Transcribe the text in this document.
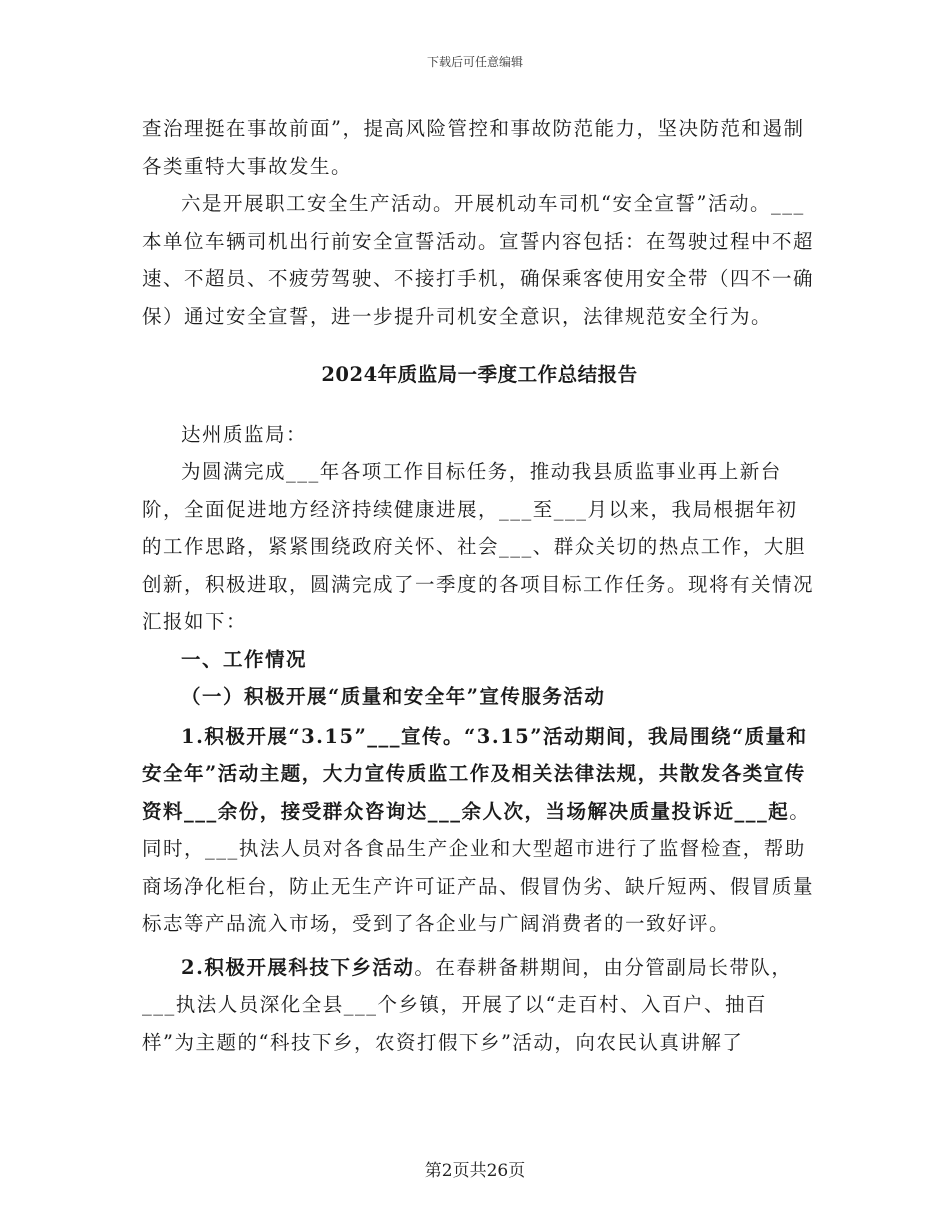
下载后可任意编辑

查治理挺在事故前面”，提高风险管控和事故防范能力，坚决防范和遏制各类重特大事故发生。

六是开展职工安全生产活动。开展机动车司机“安全宣誓”活动。___本单位车辆司机出行前安全宣誓活动。宣誓内容包括：在驾驶过程中不超速、不超员、不疲劳驾驶、不接打手机，确保乘客使用安全带（四不一确保）通过安全宣誓，进一步提升司机安全意识，法律规范安全行为。

2024年质监局一季度工作总结报告

达州质监局：

为圆满完成___年各项工作目标任务，推动我县质监事业再上新台阶，全面促进地方经济持续健康进展，___至___月以来，我局根据年初的工作思路，紧紧围绕政府关怀、社会___、群众关切的热点工作，大胆创新，积极进取，圆满完成了一季度的各项目标工作任务。现将有关情况汇报如下：

一、工作情况

（一）积极开展“质量和安全年”宣传服务活动

1.积极开展“3.15”___宣传。“3.15”活动期间，我局围绕“质量和安全年”活动主题，大力宣传质监工作及相关法律法规，共散发各类宣传资料___余份，接受群众咨询达___余人次，当场解决质量投诉近___起。同时，___执法人员对各食品生产企业和大型超市进行了监督检查，帮助商场净化柜台，防止无生产许可证产品、假冒伪劣、缺斤短两、假冒质量标志等产品流入市场，受到了各企业与广阔消费者的一致好评。

2.积极开展科技下乡活动。在春耕备耕期间，由分管副局长带队，___执法人员深化全县___个乡镇，开展了以“走百村、入百户、抽百样”为主题的“科技下乡，农资打假下乡”活动，向农民认真讲解了

第2页共26页
